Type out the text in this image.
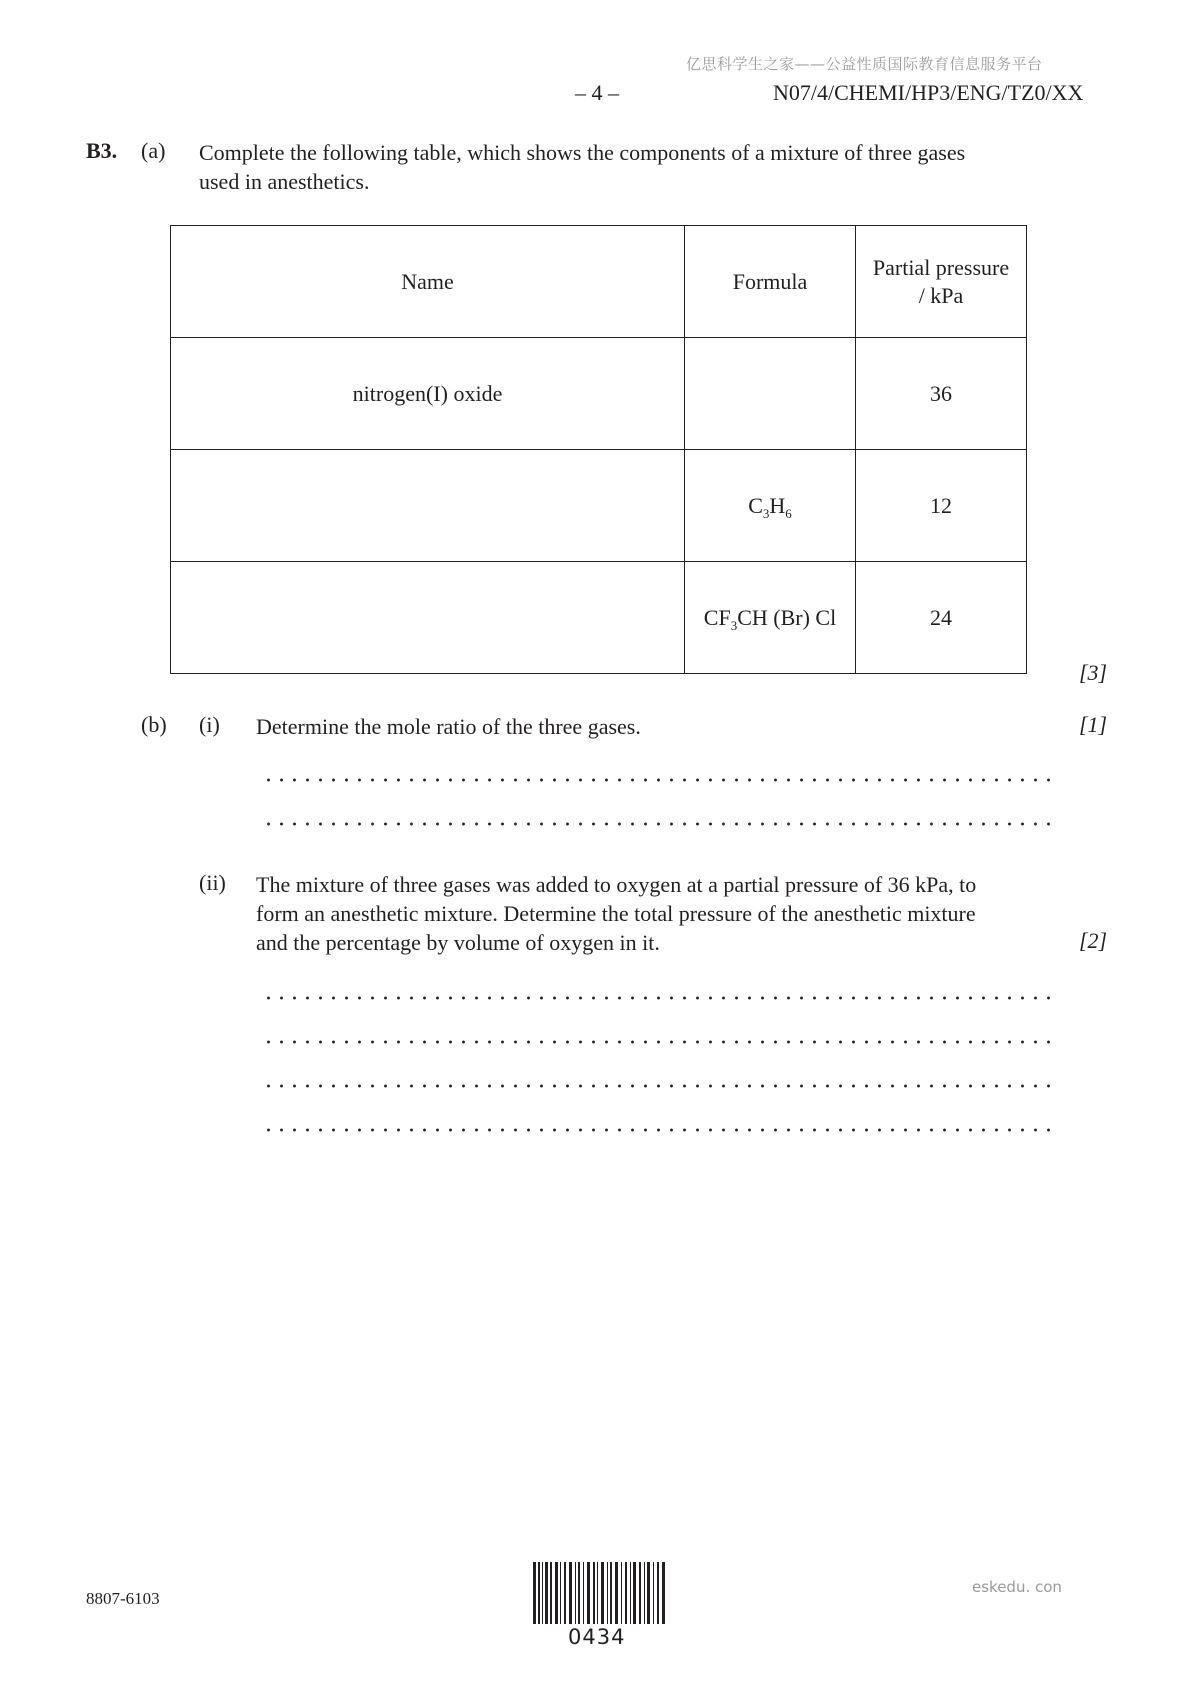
亿思科学生之家——公益性质国际教育信息服务平台
– 4 –	N07/4/CHEMI/HP3/ENG/TZ0/XX
B3. (a) Complete the following table, which shows the components of a mixture of three gases
used in anesthetics.
Name	Formula	Partial pressure
/ kPa
nitrogen(I) oxide		36
	$C_3H_6$	12
	$CF_3CH$ (Br) Cl	24
[3]
(b) (i) Determine the mole ratio of the three gases.	[1]
(ii) The mixture of three gases was added to oxygen at a partial pressure of 36 kPa, to
form an anesthetic mixture. Determine the total pressure of the anesthetic mixture
and the percentage by volume of oxygen in it.	[2]
8807-6103
0434
eskedu. con
